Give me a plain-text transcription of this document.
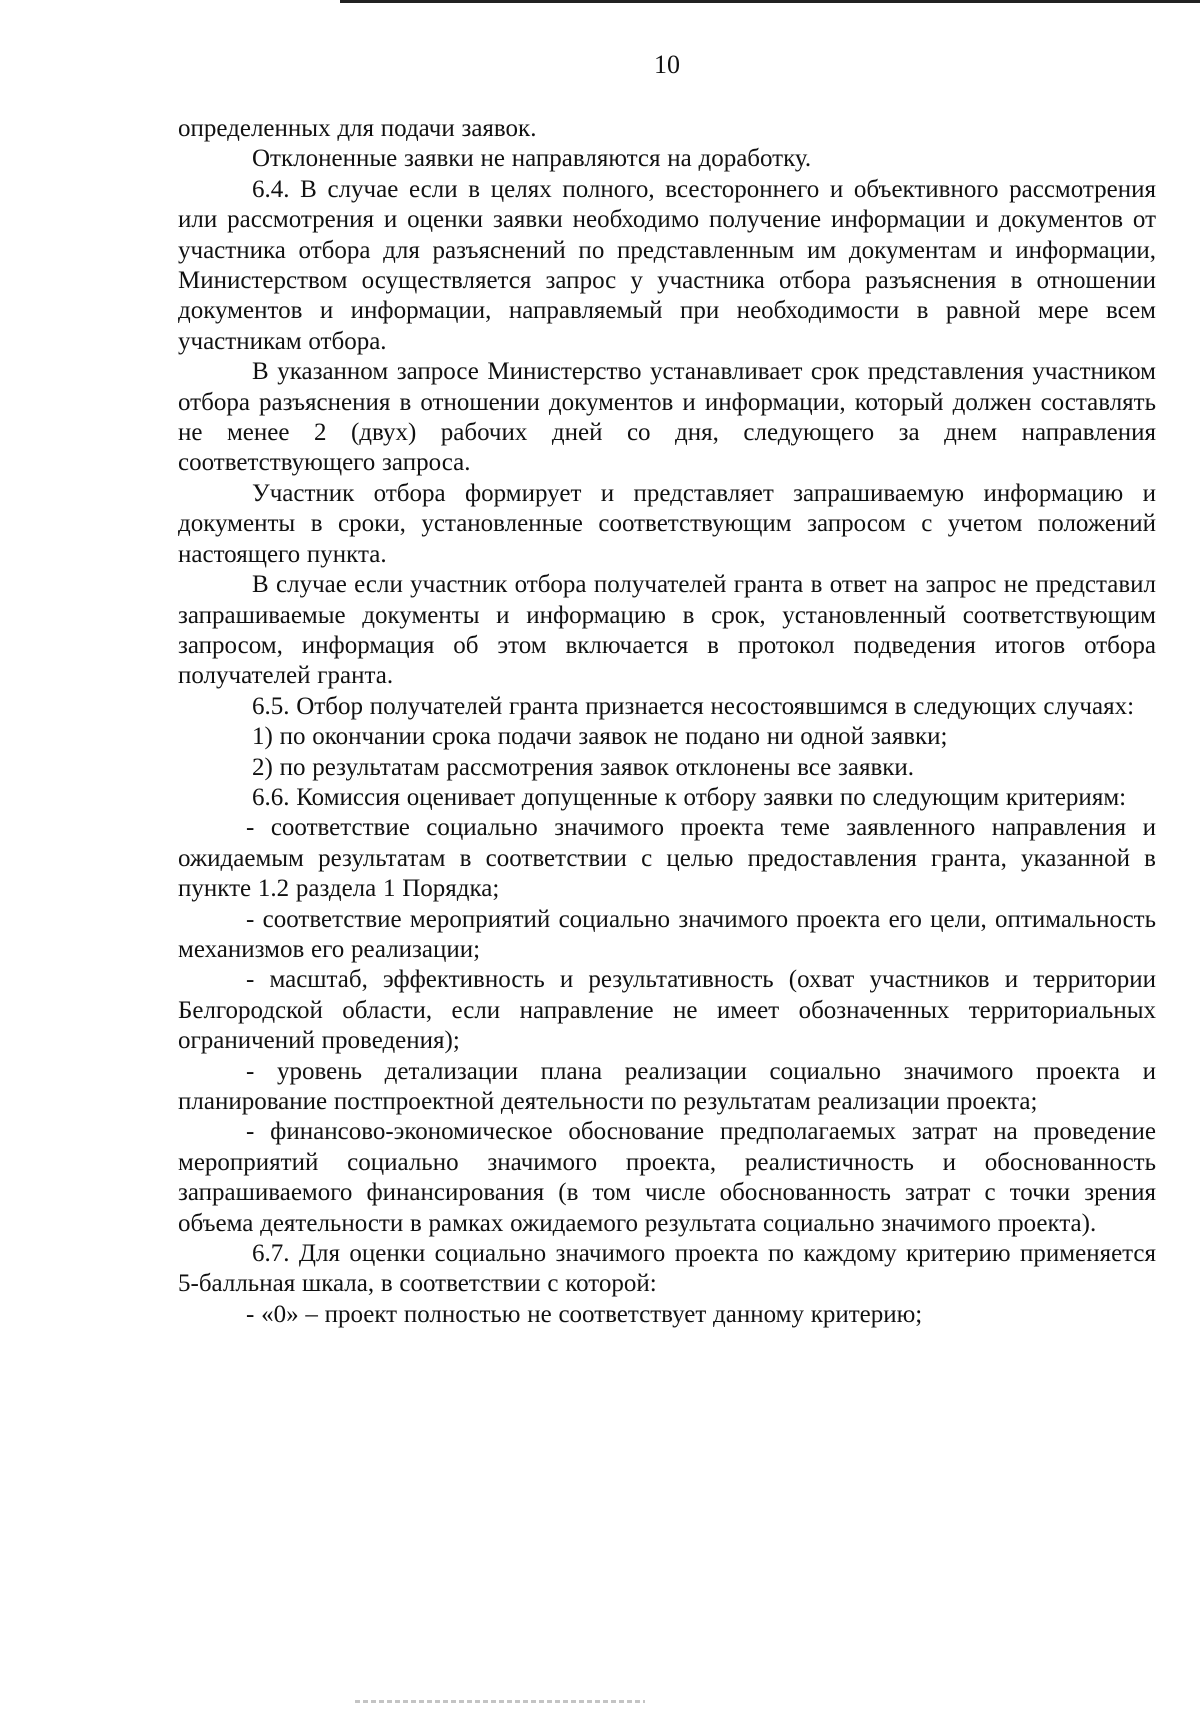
10

определенных для подачи заявок.

Отклоненные заявки не направляются на доработку.

6.4. В случае если в целях полного, всестороннего и объективного рассмотрения или рассмотрения и оценки заявки необходимо получение информации и документов от участника отбора для разъяснений по представленным им документам и информации, Министерством осуществляется запрос у участника отбора разъяснения в отношении документов и информации, направляемый при необходимости в равной мере всем участникам отбора.

В указанном запросе Министерство устанавливает срок представления участником отбора разъяснения в отношении документов и информации, который должен составлять не менее 2 (двух) рабочих дней со дня, следующего за днем направления соответствующего запроса.

Участник отбора формирует и представляет запрашиваемую информацию и документы в сроки, установленные соответствующим запросом с учетом положений настоящего пункта.

В случае если участник отбора получателей гранта в ответ на запрос не представил запрашиваемые документы и информацию в срок, установленный соответствующим запросом, информация об этом включается в протокол подведения итогов отбора получателей гранта.

6.5. Отбор получателей гранта признается несостоявшимся в следующих случаях:

1) по окончании срока подачи заявок не подано ни одной заявки;

2) по результатам рассмотрения заявок отклонены все заявки.

6.6. Комиссия оценивает допущенные к отбору заявки по следующим критериям:

- соответствие социально значимого проекта теме заявленного направления и ожидаемым результатам в соответствии с целью предоставления гранта, указанной в пункте 1.2 раздела 1 Порядка;

- соответствие мероприятий социально значимого проекта его цели, оптимальность механизмов его реализации;

- масштаб, эффективность и результативность (охват участников и территории Белгородской области, если направление не имеет обозначенных территориальных ограничений проведения);

- уровень детализации плана реализации социально значимого проекта и планирование постпроектной деятельности по результатам реализации проекта;

- финансово-экономическое обоснование предполагаемых затрат на проведение мероприятий социально значимого проекта, реалистичность и обоснованность запрашиваемого финансирования (в том числе обоснованность затрат с точки зрения объема деятельности в рамках ожидаемого результата социально значимого проекта).

6.7. Для оценки социально значимого проекта по каждому критерию применяется 5-балльная шкала, в соответствии с которой:

- «0» – проект полностью не соответствует данному критерию;
